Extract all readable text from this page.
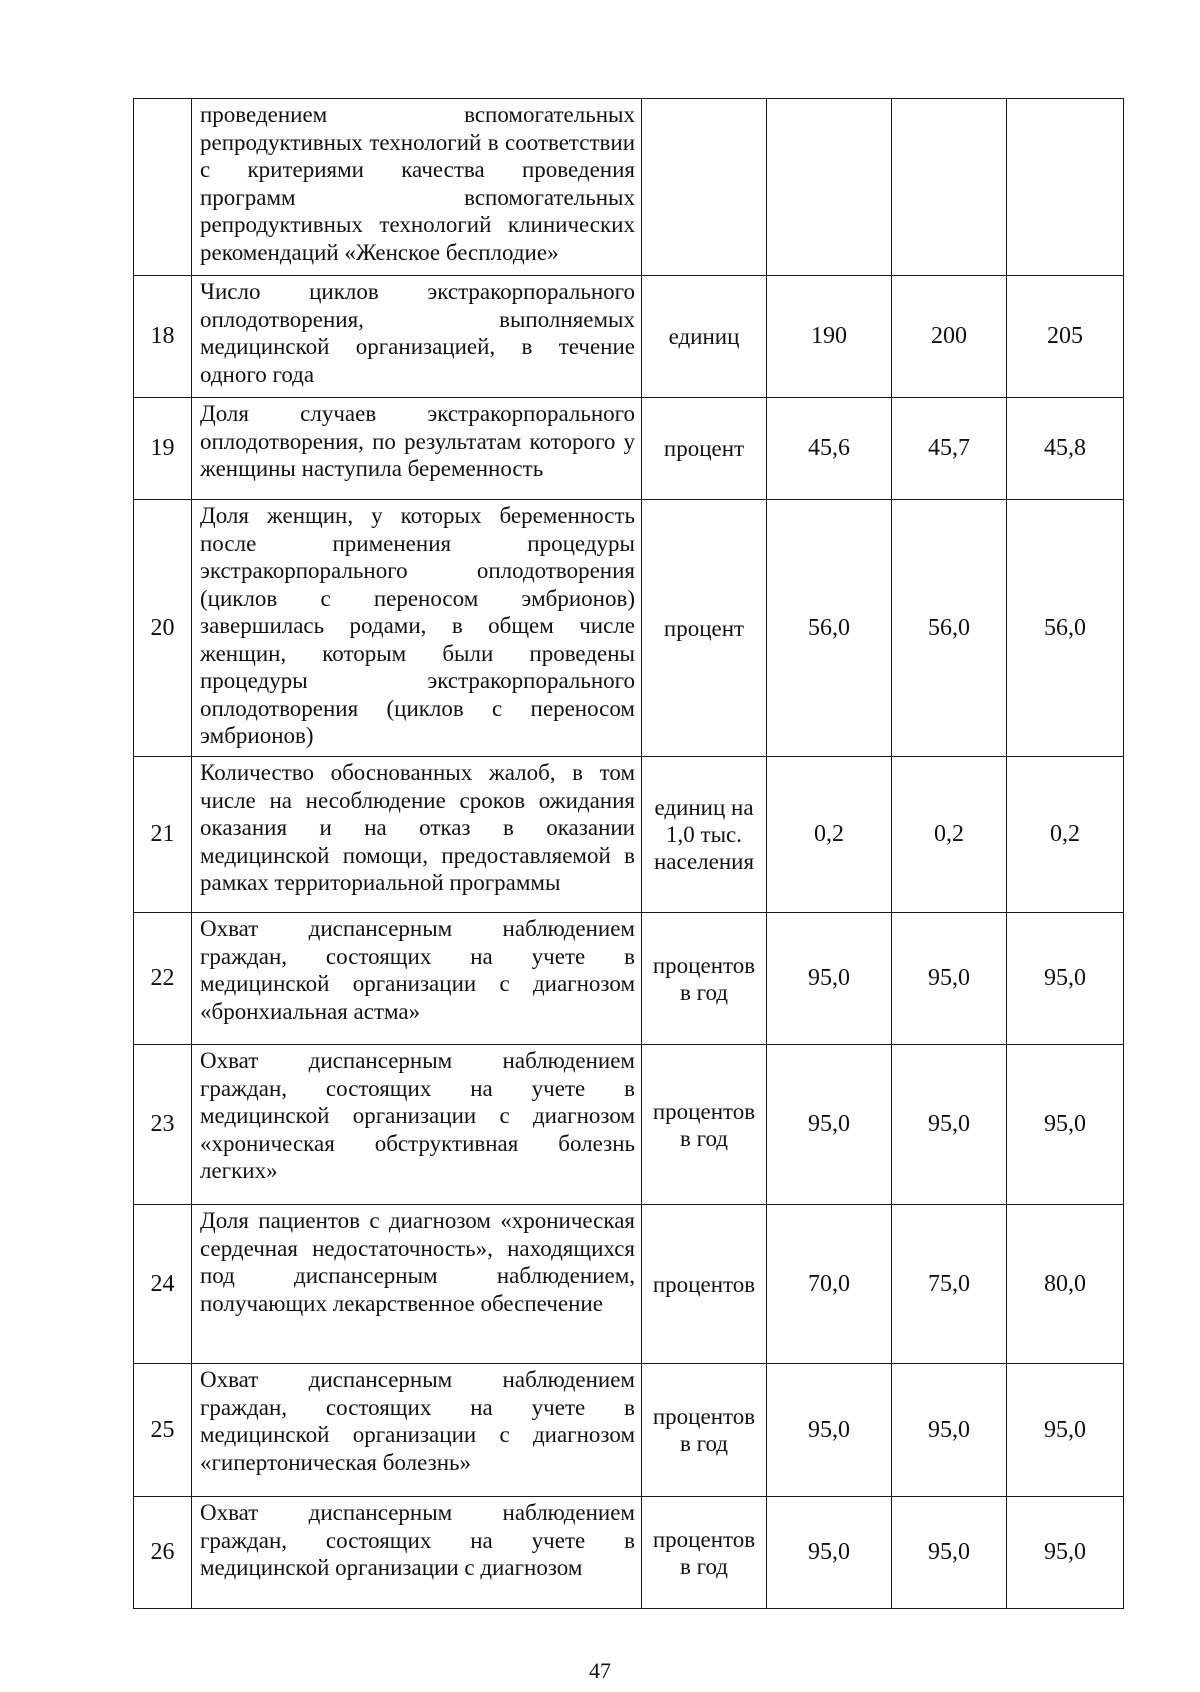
	проведением вспомогательных репродуктивных технологий в соответствии с критериями качества проведения программ вспомогательных репродуктивных технологий клинических рекомендаций «Женское бесплодие»				
18	Число циклов экстракорпорального оплодотворения, выполняемых медицинской организацией, в течение одного года	единиц	190	200	205
19	Доля случаев экстракорпорального оплодотворения, по результатам которого у женщины наступила беременность	процент	45,6	45,7	45,8
20	Доля женщин, у которых беременность после применения процедуры экстракорпорального оплодотворения (циклов с переносом эмбрионов) завершилась родами, в общем числе женщин, которым были проведены процедуры экстракорпорального оплодотворения (циклов с переносом эмбрионов)	процент	56,0	56,0	56,0
21	Количество обоснованных жалоб, в том числе на несоблюдение сроков ожидания оказания и на отказ в оказании медицинской помощи, предоставляемой в рамках территориальной программы	единиц на 1,0 тыс. населения	0,2	0,2	0,2
22	Охват диспансерным наблюдением граждан, состоящих на учете в медицинской организации с диагнозом «бронхиальная астма»	процентов в год	95,0	95,0	95,0
23	Охват диспансерным наблюдением граждан, состоящих на учете в медицинской организации с диагнозом «хроническая обструктивная болезнь легких»	процентов в год	95,0	95,0	95,0
24	Доля пациентов с диагнозом «хроническая сердечная недостаточность», находящихся под диспансерным наблюдением, получающих лекарственное обеспечение	процентов	70,0	75,0	80,0
25	Охват диспансерным наблюдением граждан, состоящих на учете в медицинской организации с диагнозом «гипертоническая болезнь»	процентов в год	95,0	95,0	95,0
26	Охват диспансерным наблюдением граждан, состоящих на учете в медицинской организации с диагнозом	процентов в год	95,0	95,0	95,0
47
